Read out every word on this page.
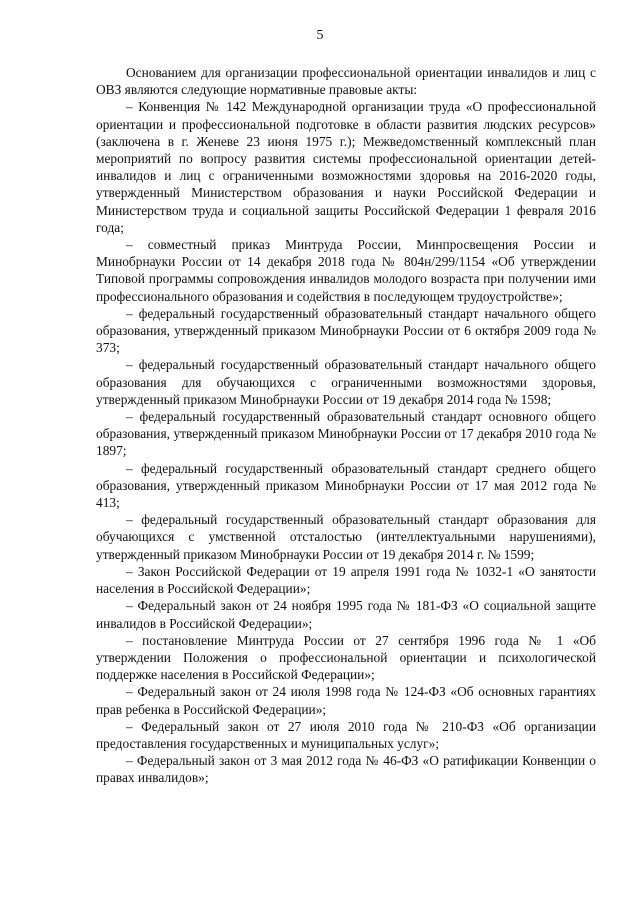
5

Основанием для организации профессиональной ориентации инвалидов и лиц с ОВЗ являются следующие нормативные правовые акты:

– Конвенция № 142 Международной организации труда «О профессиональной ориентации и профессиональной подготовке в области развития людских ресурсов» (заключена в г. Женеве 23 июня 1975 г.); Межведомственный комплексный план мероприятий по вопросу развития системы профессиональной ориентации детей-инвалидов и лиц с ограниченными возможностями здоровья на 2016-2020 годы, утвержденный Министерством образования и науки Российской Федерации и Министерством труда и социальной защиты Российской Федерации 1 февраля 2016 года;

– совместный приказ Минтруда России, Минпросвещения России и Минобрнауки России от 14 декабря 2018 года № 804н/299/1154 «Об утверждении Типовой программы сопровождения инвалидов молодого возраста при получении ими профессионального образования и содействия в последующем трудоустройстве»;

– федеральный государственный образовательный стандарт начального общего образования, утвержденный приказом Минобрнауки России от 6 октября 2009 года № 373;

– федеральный государственный образовательный стандарт начального общего образования для обучающихся с ограниченными возможностями здоровья, утвержденный приказом Минобрнауки России от 19 декабря 2014 года № 1598;

– федеральный государственный образовательный стандарт основного общего образования, утвержденный приказом Минобрнауки России от 17 декабря 2010 года № 1897;

– федеральный государственный образовательный стандарт среднего общего образования, утвержденный приказом Минобрнауки России от 17 мая 2012 года № 413;

– федеральный государственный образовательный стандарт образования для обучающихся с умственной отсталостью (интеллектуальными нарушениями), утвержденный приказом Минобрнауки России от 19 декабря 2014 г. № 1599;

– Закон Российской Федерации от 19 апреля 1991 года № 1032-1 «О занятости населения в Российской Федерации»;

– Федеральный закон от 24 ноября 1995 года № 181-ФЗ «О социальной защите инвалидов в Российской Федерации»;

– постановление Минтруда России от 27 сентября 1996 года № 1 «Об утверждении Положения о профессиональной ориентации и психологической поддержке населения в Российской Федерации»;

– Федеральный закон от 24 июля 1998 года № 124-ФЗ «Об основных гарантиях прав ребенка в Российской Федерации»;

– Федеральный закон от 27 июля 2010 года № 210-ФЗ «Об организации предоставления государственных и муниципальных услуг»;

– Федеральный закон от 3 мая 2012 года № 46-ФЗ «О ратификации Конвенции о правах инвалидов»;
